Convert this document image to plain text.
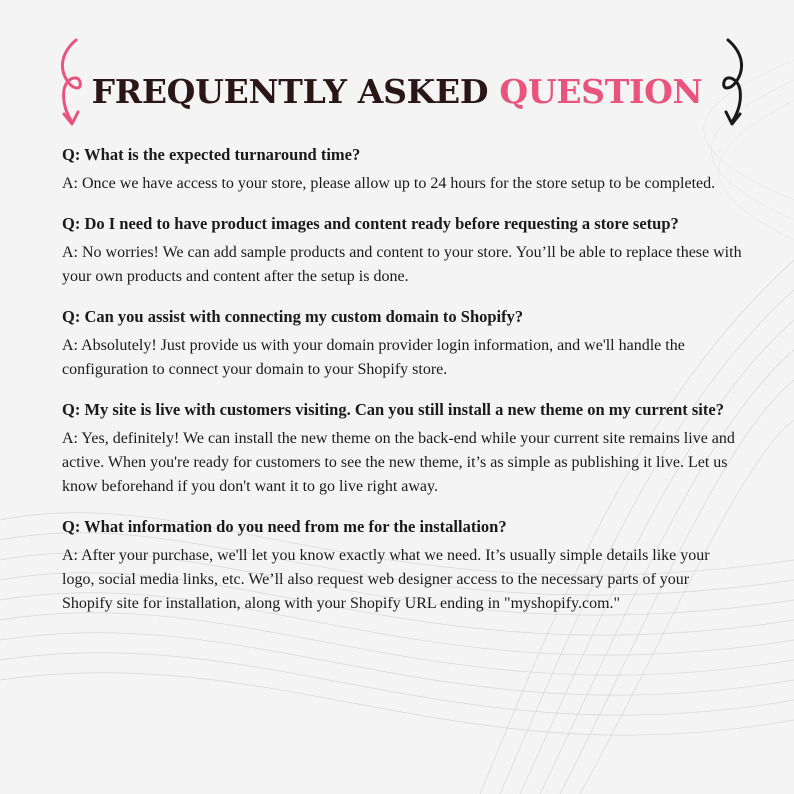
FREQUENTLY ASKED QUESTION

Q: What is the expected turnaround time?

A: Once we have access to your store, please allow up to 24 hours for the store setup to be completed.

Q: Do I need to have product images and content ready before requesting a store setup?

A: No worries! We can add sample products and content to your store. You’ll be able to replace these with your own products and content after the setup is done.

Q: Can you assist with connecting my custom domain to Shopify?

A: Absolutely! Just provide us with your domain provider login information, and we'll handle the configuration to connect your domain to your Shopify store.

Q: My site is live with customers visiting. Can you still install a new theme on my current site?

A: Yes, definitely! We can install the new theme on the back-end while your current site remains live and active. When you're ready for customers to see the new theme, it’s as simple as publishing it live. Let us know beforehand if you don't want it to go live right away.

Q: What information do you need from me for the installation?

A: After your purchase, we'll let you know exactly what we need. It’s usually simple details like your logo, social media links, etc. We’ll also request web designer access to the necessary parts of your Shopify site for installation, along with your Shopify URL ending in "myshopify.com."
